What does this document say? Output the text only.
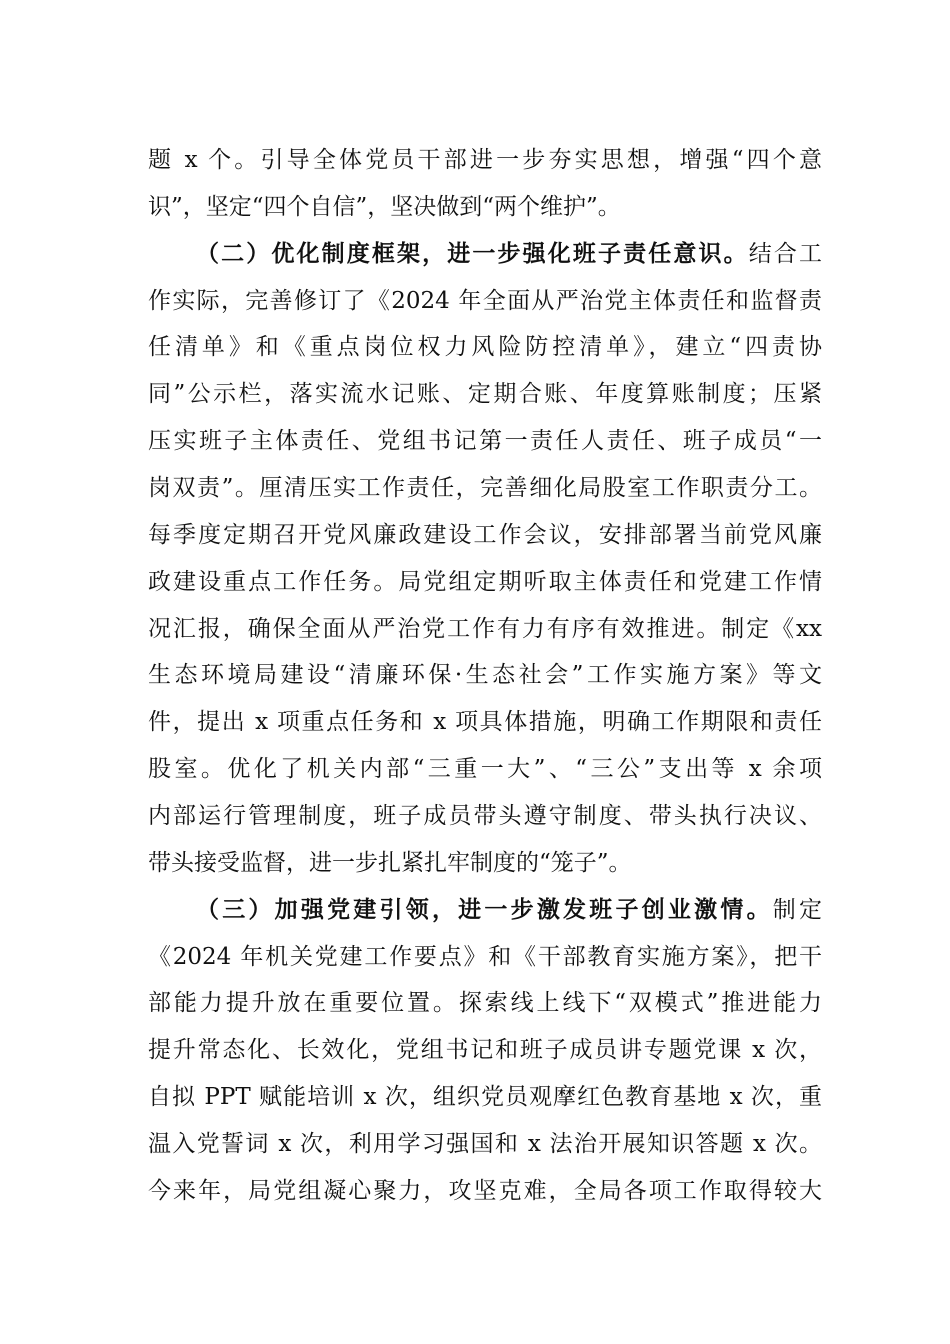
题 x 个。引导全体党员干部进一步夯实思想，增强“四个意
识”，坚定“四个自信”，坚决做到“两个维护”。
（二）优化制度框架，进一步强化班子责任意识。结合工
作实际，完善修订了《2024 年全面从严治党主体责任和监督责
任清单》和《重点岗位权力风险防控清单》，建立“四责协
同”公示栏，落实流水记账、定期合账、年度算账制度；压紧
压实班子主体责任、党组书记第一责任人责任、班子成员“一
岗双责”。厘清压实工作责任，完善细化局股室工作职责分工。
每季度定期召开党风廉政建设工作会议，安排部署当前党风廉
政建设重点工作任务。局党组定期听取主体责任和党建工作情
况汇报，确保全面从严治党工作有力有序有效推进。制定《xx
生态环境局建设“清廉环保·生态社会”工作实施方案》等文
件，提出 x 项重点任务和 x 项具体措施，明确工作期限和责任
股室。优化了机关内部“三重一大”、“三公”支出等 x 余项
内部运行管理制度，班子成员带头遵守制度、带头执行决议、
带头接受监督，进一步扎紧扎牢制度的“笼子”。
（三）加强党建引领，进一步激发班子创业激情。制定
《2024 年机关党建工作要点》和《干部教育实施方案》，把干
部能力提升放在重要位置。探索线上线下“双模式”推进能力
提升常态化、长效化，党组书记和班子成员讲专题党课 x 次，
自拟 PPT 赋能培训 x 次，组织党员观摩红色教育基地 x 次，重
温入党誓词 x 次，利用学习强国和 x 法治开展知识答题 x 次。
今来年，局党组凝心聚力，攻坚克难，全局各项工作取得较大
